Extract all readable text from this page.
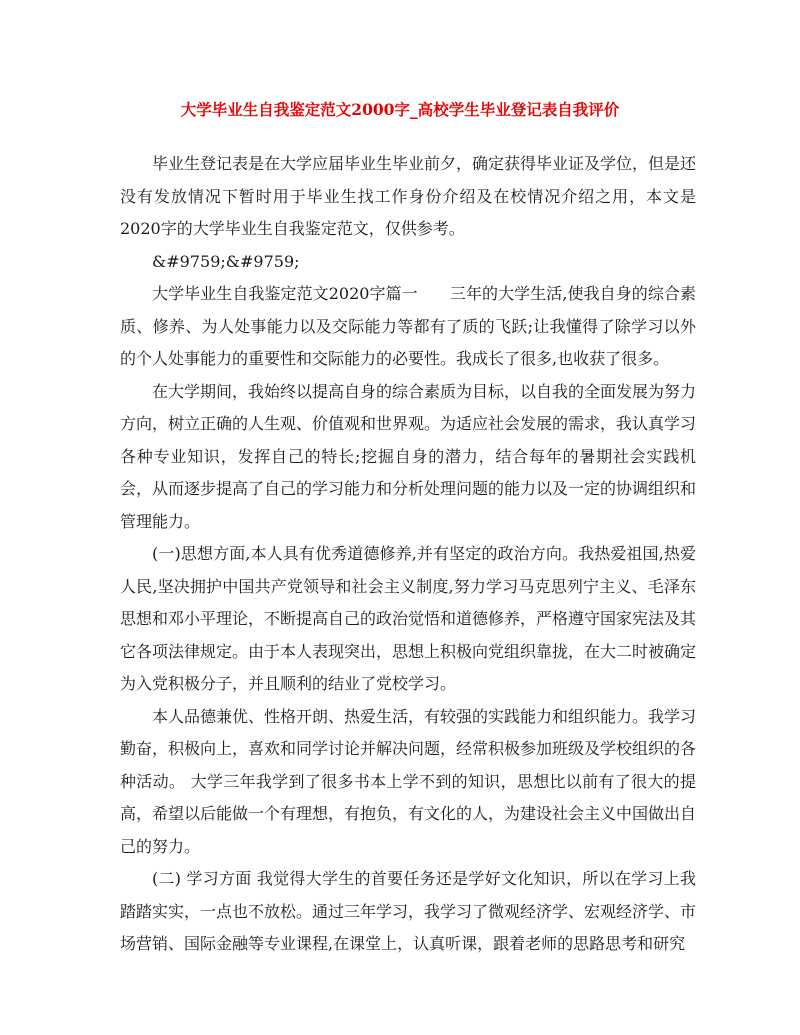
大学毕业生自我鉴定范文2000字_高校学生毕业登记表自我评价

毕业生登记表是在大学应届毕业生毕业前夕，确定获得毕业证及学位，但是还没有发放情况下暂时用于毕业生找工作身份介绍及在校情况介绍之用，本文是2020字的大学毕业生自我鉴定范文，仅供参考。

&#9759;&#9759;

大学毕业生自我鉴定范文2020字篇一　　三年的大学生活,使我自身的综合素质、修养、为人处事能力以及交际能力等都有了质的飞跃;让我懂得了除学习以外的个人处事能力的重要性和交际能力的必要性。我成长了很多,也收获了很多。

在大学期间，我始终以提高自身的综合素质为目标，以自我的全面发展为努力方向，树立正确的人生观、价值观和世界观。为适应社会发展的需求，我认真学习各种专业知识，发挥自己的特长;挖掘自身的潜力，结合每年的暑期社会实践机会，从而逐步提高了自己的学习能力和分析处理问题的能力以及一定的协调组织和管理能力。

(一)思想方面,本人具有优秀道德修养,并有坚定的政治方向。我热爱祖国,热爱人民,坚决拥护中国共产党领导和社会主义制度,努力学习马克思列宁主义、毛泽东思想和邓小平理论，不断提高自己的政治觉悟和道德修养，严格遵守国家宪法及其它各项法律规定。由于本人表现突出，思想上积极向党组织靠拢，在大二时被确定为入党积极分子，并且顺利的结业了党校学习。

本人品德兼优、性格开朗、热爱生活，有较强的实践能力和组织能力。我学习勤奋，积极向上，喜欢和同学讨论并解决问题，经常积极参加班级及学校组织的各种活动。 大学三年我学到了很多书本上学不到的知识，思想比以前有了很大的提高，希望以后能做一个有理想，有抱负，有文化的人，为建设社会主义中国做出自己的努力。

(二) 学习方面 我觉得大学生的首要任务还是学好文化知识，所以在学习上我踏踏实实，一点也不放松。通过三年学习，我学习了微观经济学、宏观经济学、市场营销、国际金融等专业课程,在课堂上，认真听课，跟着老师的思路思考和研究
